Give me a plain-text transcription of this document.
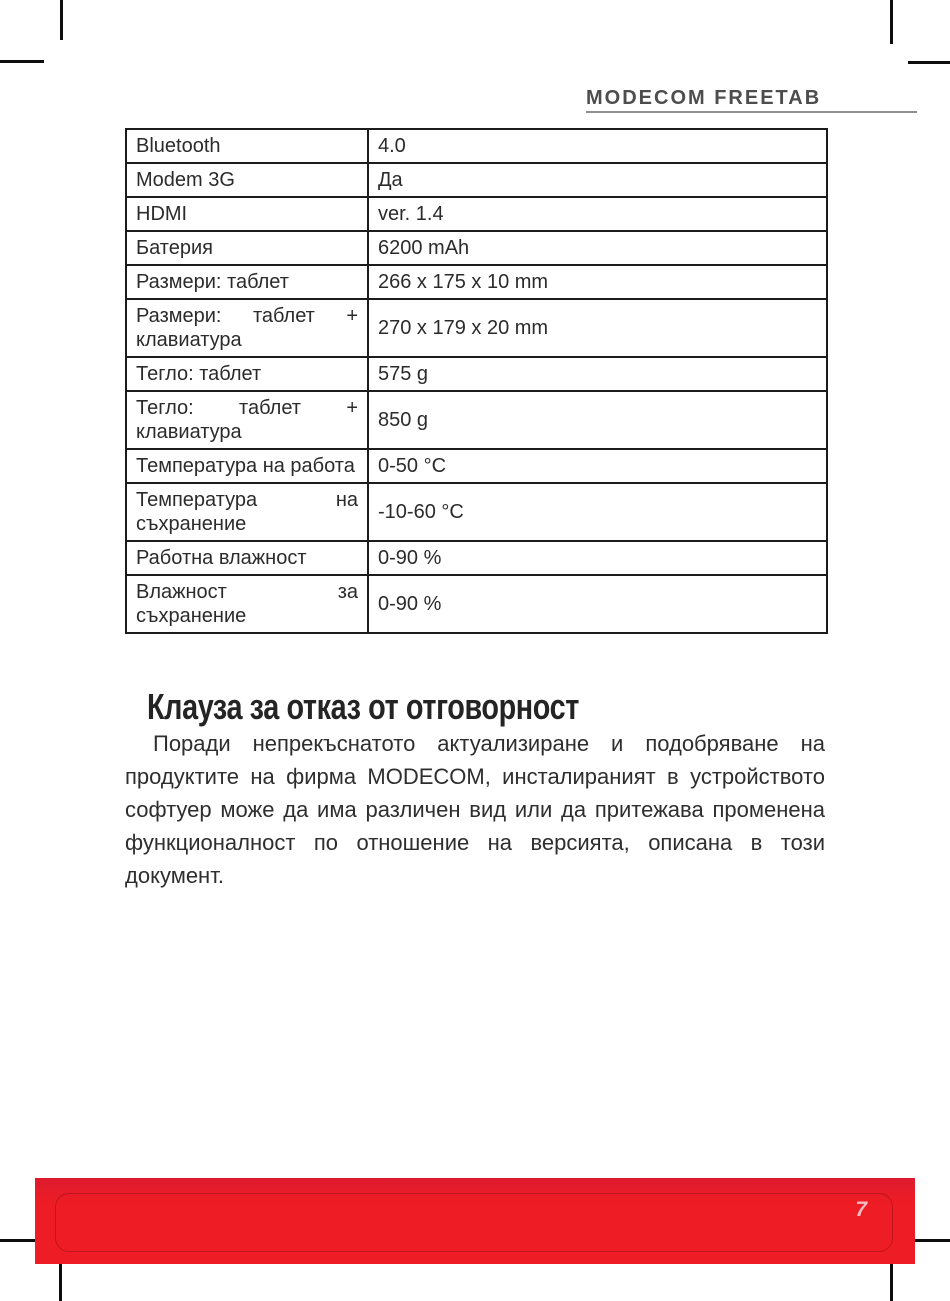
MODECOM FREETAB
Bluetooth	4.0
Modem 3G	Да
HDMI	ver. 1.4
Батерия	6200 mAh
Размери: таблет	266 x 175 x 10 mm
Размери: таблет + клавиатура	270 x 179 x 20 mm
Тегло: таблет	575 g
Тегло: таблет + клавиатура	850 g
Температура на работа	0-50 °C
Температура на съхранение	-10-60 °C
Работна влажност	0-90 %
Влажност за съхранение	0-90 %
Клауза за отказ от отговорност
Поради непрекъснатото актуализиране и подобряване на продуктите на фирма MODECOM, инсталираният в устройството софтуер може да има различен вид или да притежава променена функционалност по отношение на версията, описана в този документ.
7
